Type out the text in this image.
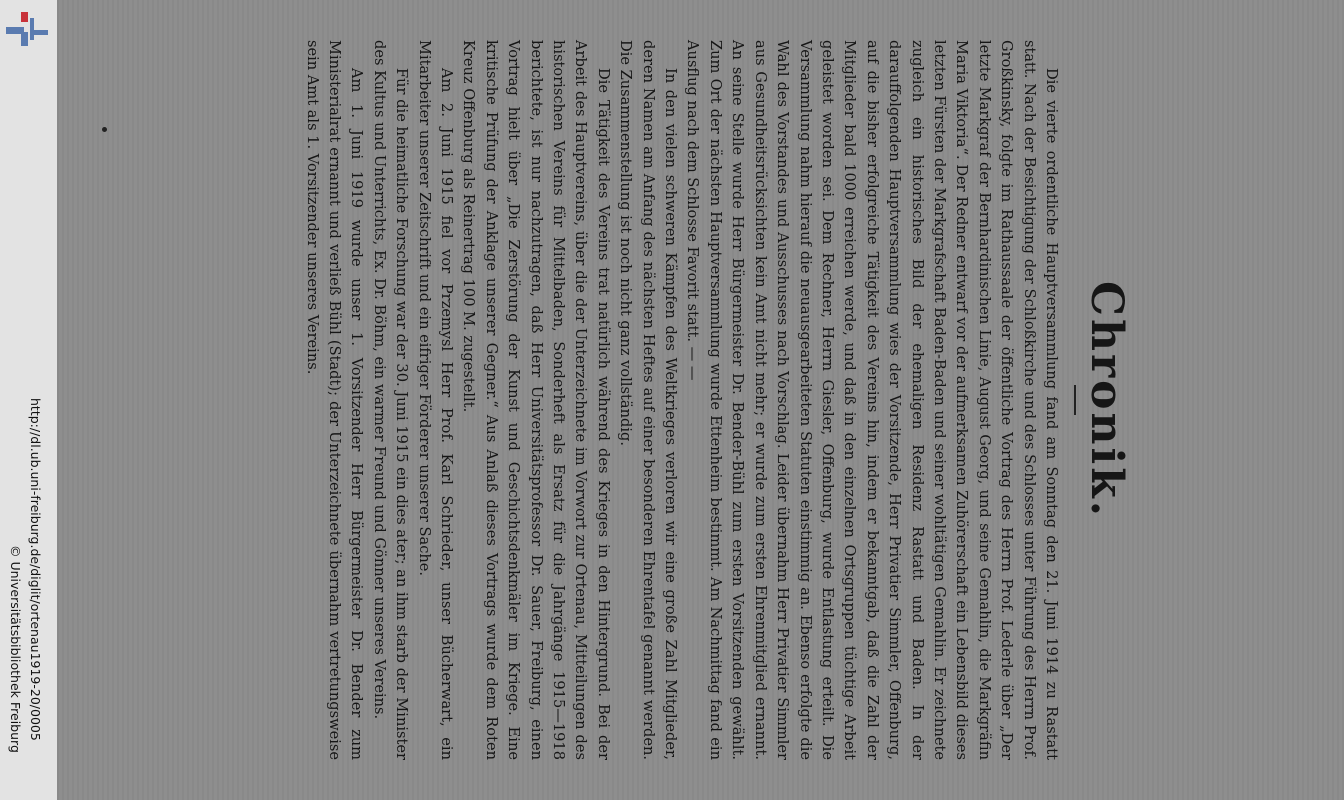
http://dl.ub.uni-freiburg.de/diglit/ortenau1919-20/0005
© Universitätsbibliothek Freiburg
Chronik.

Die vierte ordentliche Hauptversammlung fand am Sonntag den 21. Juni 1914 zu Rastatt statt. Nach der Besichtigung der Schloßkirche und des Schlosses unter Führung des Herrn Prof. Großkinsky, folgte im Rathaussaale der öffentliche Vortrag des Herrn Prof. Lederle über „Der letzte Markgraf der Bernhardinischen Linie, August Georg, und seine Gemahlin, die Markgräfin Maria Viktoria“. Der Redner entwarf vor der aufmerksamen Zuhörerschaft ein Lebensbild dieses letzten Fürsten der Markgrafschaft Baden-Baden und seiner wohltätigen Gemahlin. Er zeichnete zugleich ein historisches Bild der ehemaligen Residenz Rastatt und Baden. In der darauffolgenden Hauptversammlung wies der Vorsitzende, Herr Privatier Simmler, Offenburg, auf die bisher erfolgreiche Tätigkeit des Vereins hin, indem er bekanntgab, daß die Zahl der Mitglieder bald 1000 erreichen werde, und daß in den einzelnen Ortsgruppen tüchtige Arbeit geleistet worden sei. Dem Rechner, Herrn Giesler, Offenburg, wurde Entlastung erteilt. Die Versammlung nahm hierauf die neuausgearbeiteten Statuten einstimmig an. Ebenso erfolgte die Wahl des Vorstandes und Ausschusses nach Vorschlag. Leider übernahm Herr Privatier Simmler aus Gesundheitsrücksichten kein Amt nicht mehr; er wurde zum ersten Ehrenmitglied ernannt. An seine Stelle wurde Herr Bürgermeister Dr. Bender-Bühl zum ersten Vorsitzenden gewählt. Zum Ort der nächsten Hauptversammlung wurde Ettenheim bestimmt. Am Nachmittag fand ein Ausflug nach dem Schlosse Favorit statt. — —

In den vielen schweren Kämpfen des Weltkrieges verloren wir eine große Zahl Mitglieder, deren Namen am Anfang des nächsten Heftes auf einer besonderen Ehrentafel genannt werden. Die Zusammenstellung ist noch nicht ganz vollständig.

Die Tätigkeit des Vereins trat natürlich während des Krieges in den Hintergrund. Bei der Arbeit des Hauptvereins, über die der Unterzeichnete im Vorwort zur Ortenau, Mitteilungen des historischen Vereins für Mittelbaden, Sonderheft als Ersatz für die Jahrgänge 1915—1918 berichtete, ist nur nachzutragen, daß Herr Universitätsprofessor Dr. Sauer, Freiburg, einen Vortrag hielt über „Die Zerstörung der Kunst und Geschichtsdenkmäler im Kriege. Eine kritische Prüfung der Anklage unserer Gegner.“ Aus Anlaß dieses Vortrags wurde dem Roten Kreuz Offenburg als Reinertrag 100 M. zugestellt.

Am 2. Juni 1915 fiel vor Przemysl Herr Prof. Karl Schrieder, unser Bücherwart, ein Mitarbeiter unserer Zeitschrift und ein eifriger Förderer unserer Sache.

Für die heimatliche Forschung war der 30. Juni 1915 ein dies ater; an ihm starb der Minister des Kultus und Unterrichts, Ex. Dr. Böhm, ein warmer Freund und Gönner unseres Vereins.

Am 1. Juni 1919 wurde unser 1. Vorsitzender Herr Bürgermeister Dr. Bender zum Ministerialrat ernannt und verließ Bühl (Stadt); der Unterzeichnete übernahm vertretungsweise sein Amt als 1. Vorsitzender unseres Vereins.
